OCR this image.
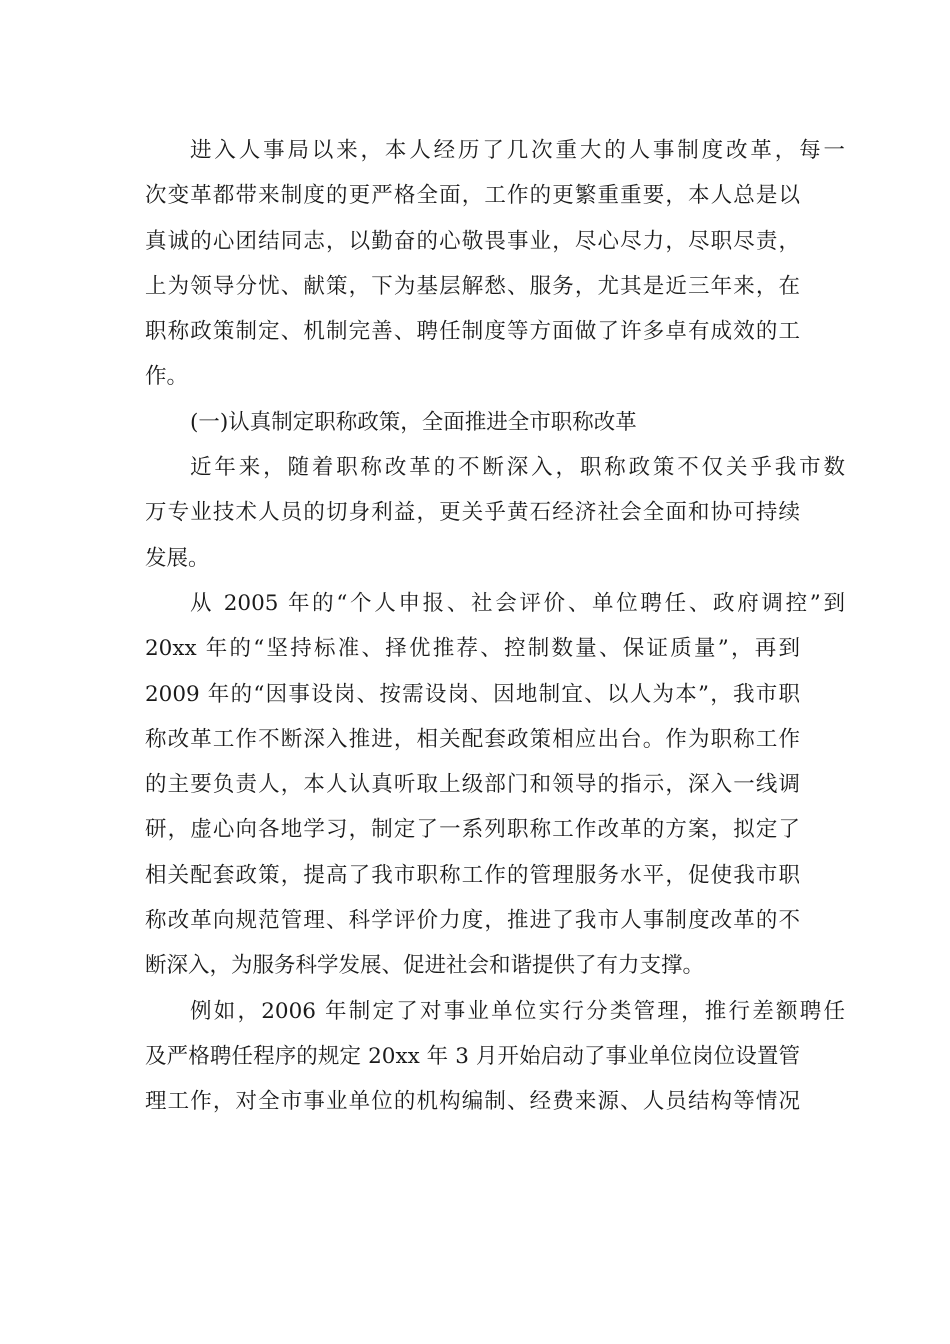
进入人事局以来，本人经历了几次重大的人事制度改革，每一
次变革都带来制度的更严格全面，工作的更繁重重要，本人总是以
真诚的心团结同志，以勤奋的心敬畏事业，尽心尽力，尽职尽责，
上为领导分忧、献策，下为基层解愁、服务，尤其是近三年来，在
职称政策制定、机制完善、聘任制度等方面做了许多卓有成效的工
作。
(一)认真制定职称政策，全面推进全市职称改革
近年来，随着职称改革的不断深入，职称政策不仅关乎我市数
万专业技术人员的切身利益，更关乎黄石经济社会全面和协可持续
发展。
从 2005 年的“个人申报、社会评价、单位聘任、政府调控”到
20xx 年的“坚持标准、择优推荐、控制数量、保证质量”，再到
2009 年的“因事设岗、按需设岗、因地制宜、以人为本”，我市职
称改革工作不断深入推进，相关配套政策相应出台。作为职称工作
的主要负责人，本人认真听取上级部门和领导的指示，深入一线调
研，虚心向各地学习，制定了一系列职称工作改革的方案，拟定了
相关配套政策，提高了我市职称工作的管理服务水平，促使我市职
称改革向规范管理、科学评价力度，推进了我市人事制度改革的不
断深入，为服务科学发展、促进社会和谐提供了有力支撑。
例如，2006 年制定了对事业单位实行分类管理，推行差额聘任
及严格聘任程序的规定 20xx 年 3 月开始启动了事业单位岗位设置管
理工作，对全市事业单位的机构编制、经费来源、人员结构等情况
